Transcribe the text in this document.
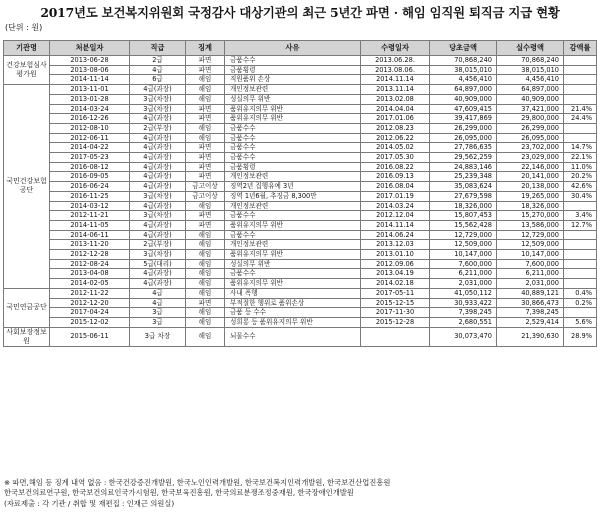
2017년도 보건복지위원회 국정감사 대상기관의 최근 5년간 파면 · 해임 임직원 퇴직금 지급 현황
(단위 : 원)
기관명	처분일자	직급	징계	사유	수령일자	당초금액	실수령액	감액률
건강보험심사평가원	2013-06-28	2급	파면	금품수수	2013.06.28.	70,868,240	70,868,240	
	2013-08-06	4급	파면	금품횡령	2013.08.06.	38,015,010	38,015,010	
	2014-11-14	6급	해임	직원품위 손상	2014.11.14	4,456,410	4,456,410	
국민건강보험공단	2013-11-01	4급(과장)	해임	개인정보관련	2013.11.14	64,897,000	64,897,000	
	2013-01-28	3급(차장)	해임	성실의무 위반	2013.02.08	40,909,000	40,909,000	
	2014-03-24	3급(차장)	파면	품위유지의무 위반	2014.04.04	47,609,415	37,421,000	21.4%
	2016-12-26	4급(과장)	파면	품위유지의무 위반	2017.01.06	39,417,869	29,800,000	24.4%
	2012-08-10	2급(부장)	해임	금품수수	2012.08.23	26,299,000	26,299,000	
	2012-06-11	4급(과장)	해임	금품수수	2012.06.22	26,095,000	26,095,000	
	2014-04-22	4급(과장)	파면	금품수수	2014.05.02	27,786,635	23,702,000	14.7%
	2017-05-23	4급(과장)	파면	금품수수	2017.05.30	29,562,259	23,029,000	22.1%
	2016-08-12	4급(과장)	파면	금품횡령	2016.08.22	24,883,146	22,146,000	11.0%
	2016-09-05	4급(과장)	파면	개인정보관련	2016.09.13	25,239,348	20,141,000	20.2%
	2016-06-24	4급(과장)	금고이상	징역2년 집행유예 3년	2016.08.04	35,083,624	20,138,000	42.6%
	2016-11-25	3급(차장)	금고이상	징역 1년6월, 추징금 8,300만	2017.01.19	27,679,598	19,265,000	30.4%
	2014-03-12	4급(과장)	해임	개인정보관련	2014.03.24	18,326,000	18,326,000	
	2012-11-21	3급(차장)	파면	금품수수	2012.12.04	15,807,453	15,270,000	3.4%
	2014-11-05	4급(과장)	파면	품위유지의무 위반	2014.11.14	15,562,428	13,586,000	12.7%
	2014-06-11	4급(과장)	해임	금품수수	2014.06.24	12,729,000	12,729,000	
	2013-11-20	2급(부장)	해임	개인정보관련	2013.12.03	12,509,000	12,509,000	
	2012-12-28	3급(차장)	해임	품위유지의무 위반	2013.01.10	10,147,000	10,147,000	
	2012-08-24	5급(대리)	해임	성실의무 위반	2012.09.06	7,600,000	7,600,000	
	2013-04-08	4급(과장)	해임	금품수수	2013.04.19	6,211,000	6,211,000	
	2014-02-05	4급(과장)	해임	품위유지의무 위반	2014.02.18	2,031,000	2,031,000	
국민연금공단	2012-11-22	4급	해임	사내 폭행	2017-05-11	41,050,112	40,889,121	0.4%
	2012-12-20	4급	파면	부적절한 행위로 품위손상	2015-12-15	30,933,422	30,866,473	0.2%
	2017-04-24	3급	해임	금품 등 수수	2017-11-30	7,398,245	7,398,245	
	2015-12-02	3급	해임	성희롱 등 품위유지의무 위반	2015-12-28	2,680,551	2,529,414	5.6%
사회보장정보원	2015-06-11	3급 차장	해임	뇌물수수		30,073,470	21,390,630	28.9%
※ 파면,해임 등 징계 내역 없음 : 한국건강증진개발원, 한국노인인력개발원, 한국보건복지인력개발원, 한국보건산업진흥원
한국보건의료연구원, 한국보건의료인국가시험원, 한국보육진흥원, 한국의료분쟁조정중재원, 한국장애인개발원
(자료제출 : 각 기관 / 취합 및 재편집 : 인재근 의원실)
